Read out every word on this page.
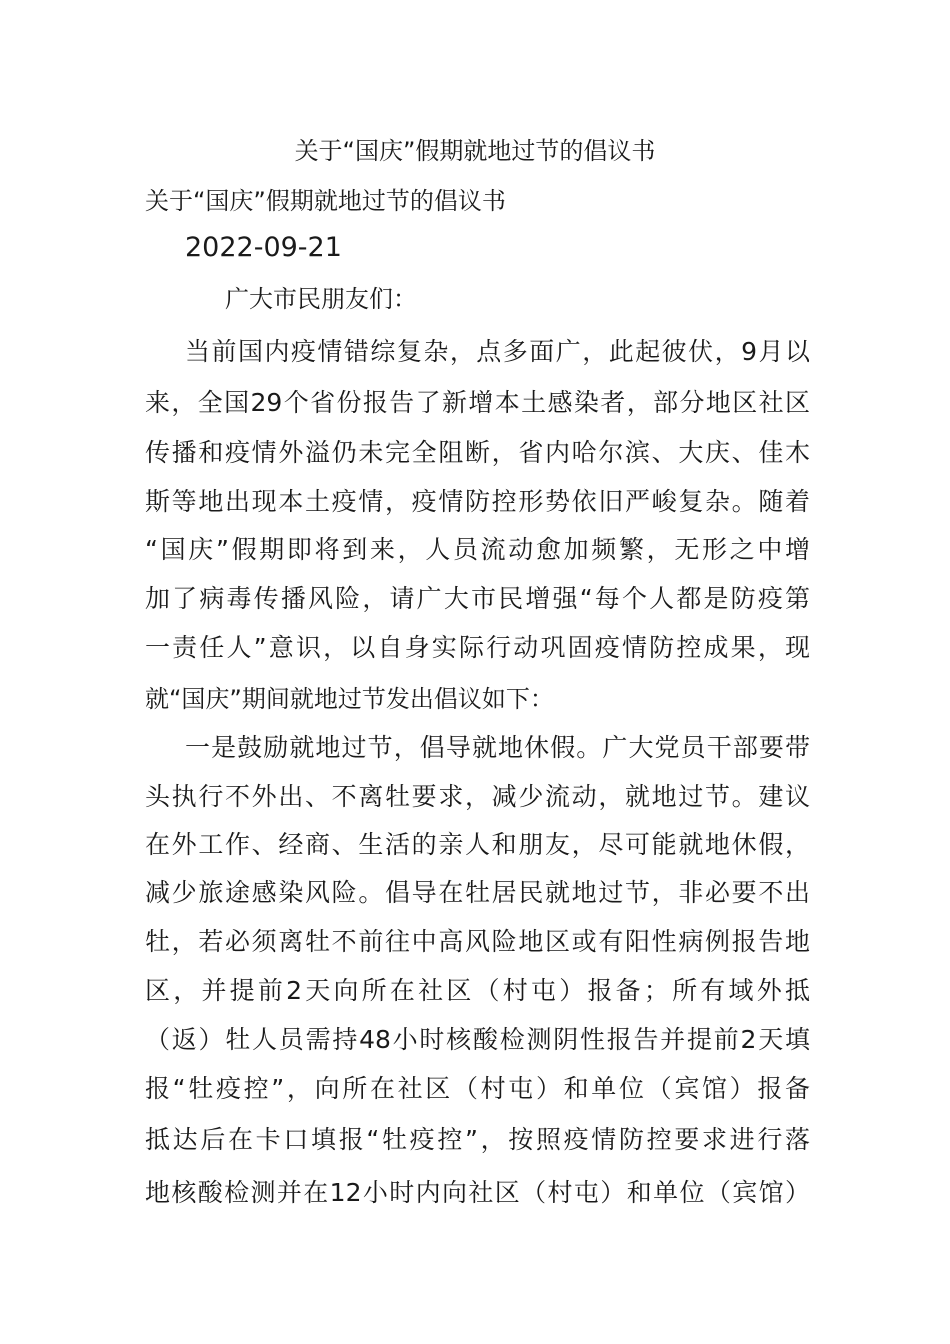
关于“国庆”假期就地过节的倡议书
关于“国庆”假期就地过节的倡议书
2022-09-21
广大市民朋友们：
当前国内疫情错综复杂，点多面广，此起彼伏，9月以
来，全国29个省份报告了新增本土感染者，部分地区社区
传播和疫情外溢仍未完全阻断，省内哈尔滨、大庆、佳木
斯等地出现本土疫情，疫情防控形势依旧严峻复杂。随着
“国庆”假期即将到来，人员流动愈加频繁，无形之中增
加了病毒传播风险，请广大市民增强“每个人都是防疫第
一责任人”意识，以自身实际行动巩固疫情防控成果，现
就“国庆”期间就地过节发出倡议如下：
一是鼓励就地过节，倡导就地休假。广大党员干部要带
头执行不外出、不离牡要求，减少流动，就地过节。建议
在外工作、经商、生活的亲人和朋友，尽可能就地休假，
减少旅途感染风险。倡导在牡居民就地过节，非必要不出
牡，若必须离牡不前往中高风险地区或有阳性病例报告地
区，并提前2天向所在社区（村屯）报备；所有域外抵
（返）牡人员需持48小时核酸检测阴性报告并提前2天填
报“牡疫控”，向所在社区（村屯）和单位（宾馆）报备
抵达后在卡口填报“牡疫控”，按照疫情防控要求进行落
地核酸检测并在12小时内向社区（村屯）和单位（宾馆）
